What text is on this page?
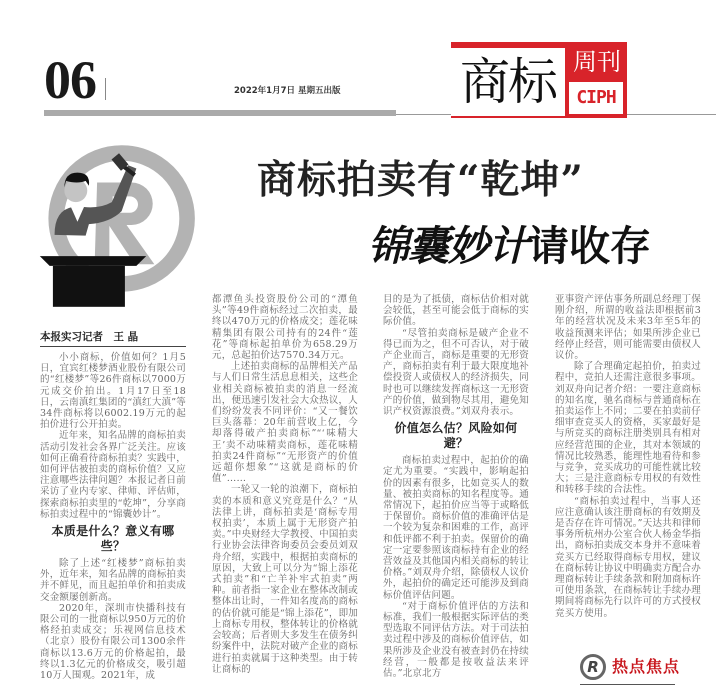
06	2022年1月7日 星期五出版 商标 周刊
CIPH
商标拍卖有“乾坤”
锦囊妙计请收存
本报实习记者　王 晶

小小商标，价值如何？1月5日，宜宾红楼梦酒业股份有限公司的“红楼梦”等26件商标以7000万元成交价拍出。1月17日至18日，云南滇红集团的“滇红大滇”等34件商标将以6002.19万元的起拍价进行公开拍卖。

近年来，知名品牌的商标拍卖活动引发社会各界广泛关注。应该如何正确看待商标拍卖？实践中，如何评估被拍卖的商标价值？又应注意哪些法律问题？本报记者日前采访了业内专家、律师、评估师，探索商标拍卖里的“乾坤”，分享商标拍卖过程中的“锦囊妙计”。

本质是什么？意义有哪些？

除了上述“红楼梦”商标拍卖外，近年来，知名品牌的商标拍卖并不鲜见，而且起拍单价和拍卖成交金额屡创新高。

2020年，深圳市快播科技有限公司的一批商标以950万元的价格经拍卖成交；乐视网信息技术（北京）股份有限公司1300余件商标以13.6万元的价格起拍，最终以1.3亿元的价格成交，吸引超10万人围观。2021年，成

都潭鱼头投资股份公司的“潭鱼头”等49件商标经过二次拍卖，最终以470万元的价格成交；莲花味精集团有限公司持有的24件“莲花”等商标起拍单价为658.29万元，总起拍价达7570.34万元。

上述拍卖商标的品牌相关产品与人们日常生活息息相关，这些企业相关商标被拍卖的消息一经流出，便迅速引发社会大众热议，人们纷纷发表不同评价：“又一餐饮巨头落幕：20年前营收上亿，今却落得破产拍卖商标”“‘味精大王’卖不动味精卖商标，莲花味精拍卖24件商标”“无形资产的价值远超你想象”“这就是商标的价值”……

一轮又一轮的浪潮下，商标拍卖的本质和意义究竟是什么？“从法律上讲，商标拍卖是‘商标专用权拍卖’，本质上属于无形资产拍卖。”中央财经大学教授、中国拍卖行业协会法律咨询委员会委员刘双舟介绍，实践中，根据拍卖商标的原因，大致上可以分为“锦上添花式拍卖”和“亡羊补牢式拍卖”两种。前者指一家企业在整体改制或整体出让时，一件知名度高的商标的估价就可能是“锦上添花”，即加上商标专用权，整体转让的价格就会较高；后者则大多发生在债务纠纷案件中，法院对破产企业的商标进行拍卖就属于这种类型。由于转让商标的

目的是为了抵债，商标估价相对就会较低，甚至可能会低于商标的实际价值。

“尽管拍卖商标是破产企业不得已而为之，但不可否认，对于破产企业而言，商标是重要的无形资产，商标拍卖有利于最大限度地补偿投资人或债权人的经济损失，同时也可以继续发挥商标这一无形资产的价值，做到物尽其用，避免知识产权资源浪费。”刘双舟表示。

价值怎么估？风险如何避？

商标拍卖过程中，起拍价的确定尤为重要。“实践中，影响起拍价的因素有很多，比如竞买人的数量、被拍卖商标的知名程度等。通常情况下，起拍价应当等于或略低于保留价。商标价值的准确评估是一个较为复杂和困难的工作，高评和低评都不利于拍卖。保留价的确定一定要参照该商标持有企业的经营效益及其他国内相关商标的转让价格。”刘双舟介绍，除债权人议价外，起拍价的确定还可能涉及到商标价值评估问题。

“对于商标价值评估的方法和标准，我们一般根据实际评估的类型选取不同评估方法。对于司法拍卖过程中涉及的商标价值评估，如果所涉及企业没有被查封仍在持续经营，一般都是按收益法来评估。”北京北方

亚事资产评估事务所副总经理丁保刚介绍，所谓的收益法即根据前3年的经营状况及未来3年至5年的收益预测来评估；如果所涉企业已经停止经营，则可能需要由债权人议价。

除了合理确定起拍价，拍卖过程中，竞拍人还需注意很多事项。刘双舟向记者介绍：一要注意商标的知名度，驰名商标与普通商标在拍卖运作上不同；二要在拍卖前仔细审查竞买人的资格，买家最好是与所竞买的商标注册类别具有相对应经营范围的企业，其对本领域的情况比较熟悉，能理性地看待和参与竞争，竞买成功的可能性就比较大；三是注意商标专用权的有效性和转移手续的合法性。

“商标拍卖过程中，当事人还应注意确认该注册商标的有效期及是否存在许可情况。”天达共和律师事务所杭州办公室合伙人杨金华指出，商标拍卖成交本身并不意味着竞买方已经取得商标专用权，建议在商标转让协议中明确卖方配合办理商标转让手续条款和附加商标许可使用条款，在商标转让手续办理期间将商标先行以许可的方式授权竞买方使用。

R 热点焦点
